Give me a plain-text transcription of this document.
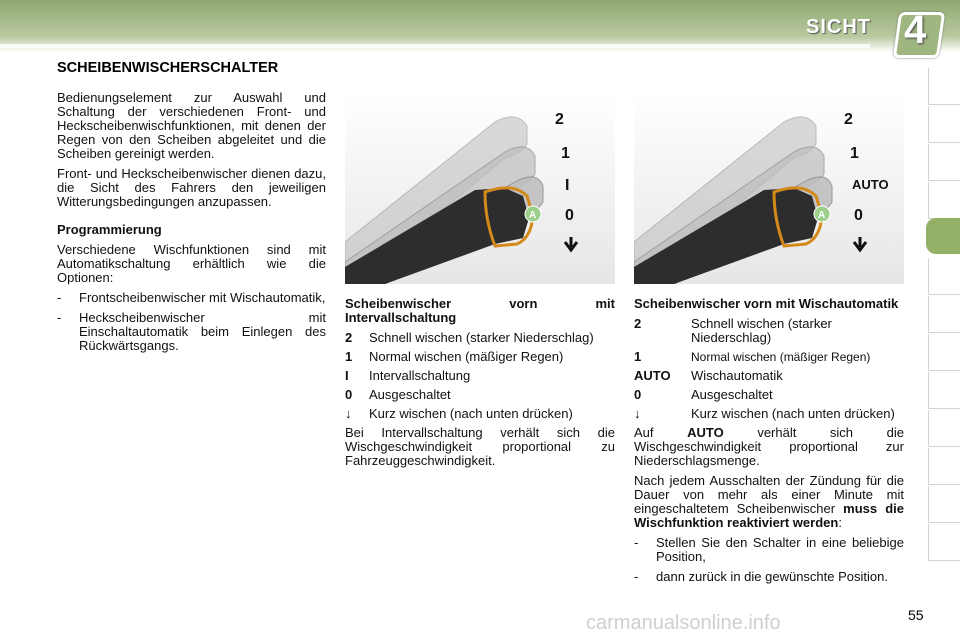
SICHT 4
SCHEIBENWISCHERSCHALTER

Bedienungselement zur Auswahl und Schaltung der verschiedenen Front- und Heckscheibenwischfunktionen, mit denen der Regen von den Scheiben abgeleitet und die Scheiben gereinigt werden.

Front- und Heckscheibenwischer dienen dazu, die Sicht des Fahrers den jeweiligen Witterungsbedingungen anzupassen.

Programmierung

Verschiedene Wischfunktionen sind mit Automatikschaltung erhältlich wie die Optionen:

- Frontscheibenwischer mit Wischautomatik,
- Heckscheibenwischer mit Einschaltautomatik beim Einlegen des Rückwärtsgangs.
A
2
1
I
0	A
2
1
AUTO
0

Scheibenwischer vorn mit Intervallschaltung

2	Schnell wischen (starker Niederschlag)
1	Normal wischen (mäßiger Regen)
I	Intervallschaltung
0	Ausgeschaltet
↓	Kurz wischen (nach unten drücken)

Bei Intervallschaltung verhält sich die Wischgeschwindigkeit proportional zu Fahrzeuggeschwindigkeit.

Scheibenwischer vorn mit Wischautomatik

2	Schnell wischen (starker Niederschlag)
1	Normal wischen (mäßiger Regen)
AUTO	Wischautomatik
0	Ausgeschaltet
↓	Kurz wischen (nach unten drücken)

Auf	AUTO	verhält sich die Wischgeschwindigkeit proportional zur Niederschlagsmenge.

Nach jedem Ausschalten der Zündung für die Dauer von mehr als einer Minute mit eingeschaltetem Scheibenwischer muss die Wischfunktion reaktiviert werden:

- Stellen Sie den Schalter in eine beliebige Position,
- dann zurück in die gewünschte Position.
carmanualsonline.info	55
